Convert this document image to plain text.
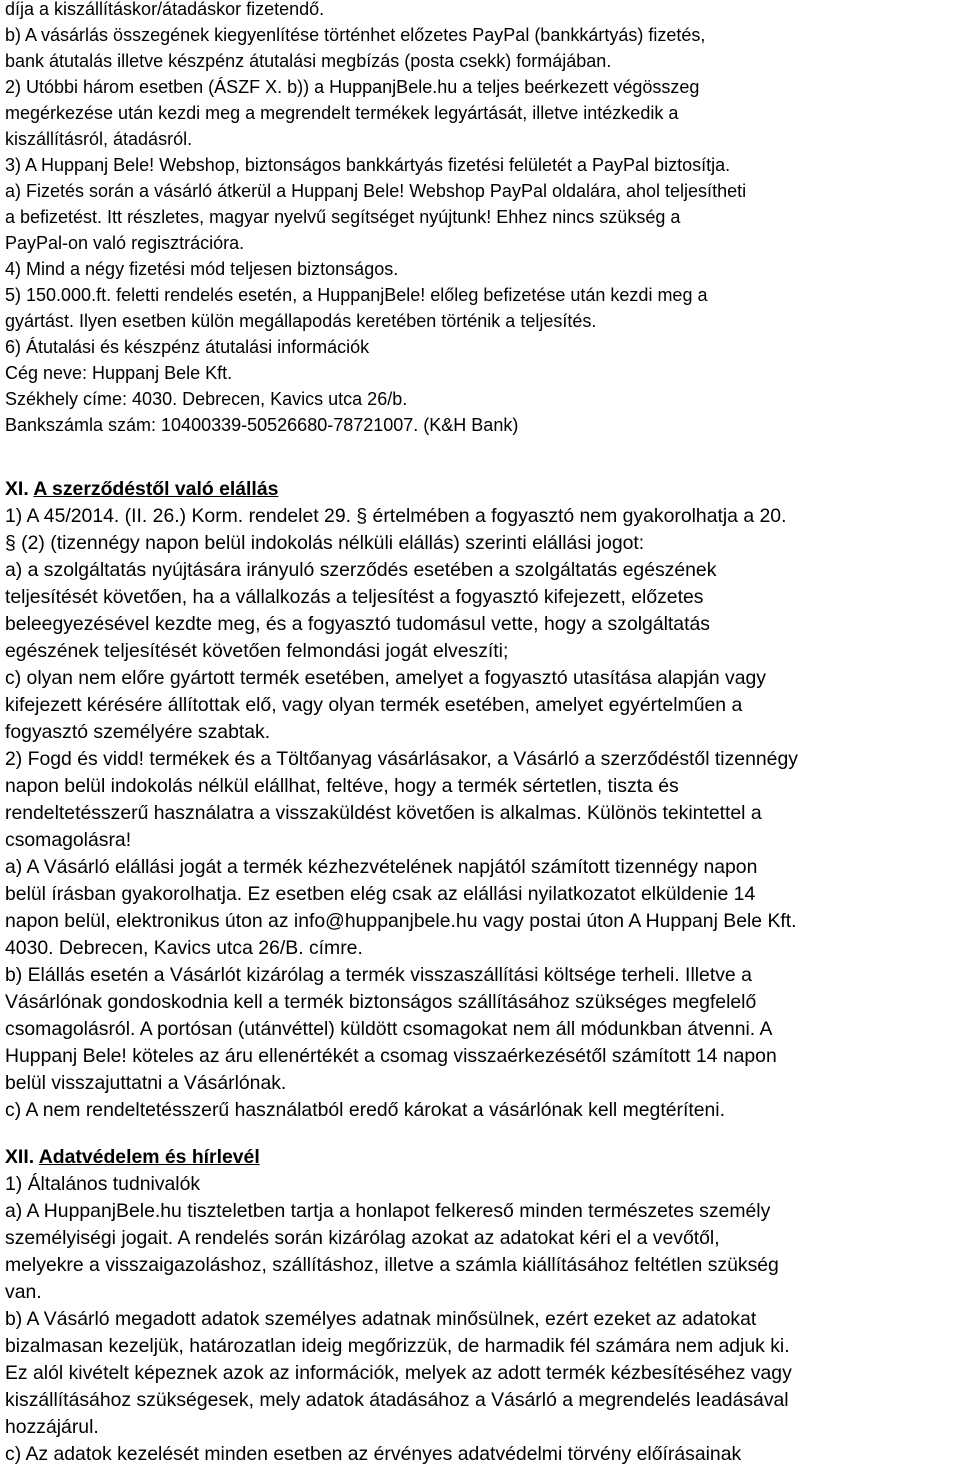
díja a kiszállításkor/átadáskor fizetendő.
b) A vásárlás összegének kiegyenlítése történhet előzetes PayPal (bankkártyás) fizetés,
bank átutalás illetve készpénz átutalási megbízás (posta csekk) formájában.
2) Utóbbi három esetben (ÁSZF X. b)) a HuppanjBele.hu a teljes beérkezett végösszeg
megérkezése után kezdi meg a megrendelt termékek legyártását, illetve intézkedik a
kiszállításról, átadásról.
3) A Huppanj Bele! Webshop, biztonságos bankkártyás fizetési felületét a PayPal biztosítja.
a) Fizetés során a vásárló átkerül a Huppanj Bele! Webshop PayPal oldalára, ahol teljesítheti
a befizetést. Itt részletes, magyar nyelvű segítséget nyújtunk! Ehhez nincs szükség a
PayPal-on való regisztrációra.
4) Mind a négy fizetési mód teljesen biztonságos.
5) 150.000.ft. feletti rendelés esetén, a HuppanjBele! előleg befizetése után kezdi meg a
gyártást. Ilyen esetben külön megállapodás keretében történik a teljesítés.
6) Átutalási és készpénz átutalási információk
Cég neve: Huppanj Bele Kft.
Székhely címe: 4030. Debrecen, Kavics utca 26/b.
Bankszámla szám: 10400339-50526680-78721007. (K&H Bank)
XI. A szerződéstől való elállás
1) A 45/2014. (II. 26.) Korm. rendelet 29. § értelmében a fogyasztó nem gyakorolhatja a 20.
§ (2) (tizennégy napon belül indokolás nélküli elállás) szerinti elállási jogot:
a) a szolgáltatás nyújtására irányuló szerződés esetében a szolgáltatás egészének
teljesítését követően, ha a vállalkozás a teljesítést a fogyasztó kifejezett, előzetes
beleegyezésével kezdte meg, és a fogyasztó tudomásul vette, hogy a szolgáltatás
egészének teljesítését követően felmondási jogát elveszíti;
c) olyan nem előre gyártott termék esetében, amelyet a fogyasztó utasítása alapján vagy
kifejezett kérésére állítottak elő, vagy olyan termék esetében, amelyet egyértelműen a
fogyasztó személyére szabtak.
2) Fogd és vidd! termékek és a Töltőanyag vásárlásakor, a Vásárló a szerződéstől tizennégy
napon belül indokolás nélkül elállhat, feltéve, hogy a termék sértetlen, tiszta és
rendeltetésszerű használatra a visszaküldést követően is alkalmas. Különös tekintettel a
csomagolásra!
a) A Vásárló elállási jogát a termék kézhezvételének napjától számított tizennégy napon
belül írásban gyakorolhatja. Ez esetben elég csak az elállási nyilatkozatot elküldenie 14
napon belül, elektronikus úton az info@huppanjbele.hu vagy postai úton A Huppanj Bele Kft.
4030. Debrecen, Kavics utca 26/B. címre.
b) Elállás esetén a Vásárlót kizárólag a termék visszaszállítási költsége terheli. Illetve a
Vásárlónak gondoskodnia kell a termék biztonságos szállításához szükséges megfelelő
csomagolásról. A portósan (utánvéttel) küldött csomagokat nem áll módunkban átvenni. A
Huppanj Bele! köteles az áru ellenértékét a csomag visszaérkezésétől számított 14 napon
belül visszajuttatni a Vásárlónak.
c) A nem rendeltetésszerű használatból eredő károkat a vásárlónak kell megtéríteni.
XII. Adatvédelem és hírlevél
1) Általános tudnivalók
a) A HuppanjBele.hu tiszteletben tartja a honlapot felkereső minden természetes személy
személyiségi jogait. A rendelés során kizárólag azokat az adatokat kéri el a vevőtől,
melyekre a visszaigazoláshoz, szállításhoz, illetve a számla kiállításához feltétlen szükség
van.
b) A Vásárló megadott adatok személyes adatnak minősülnek, ezért ezeket az adatokat
bizalmasan kezeljük, határozatlan ideig megőrizzük, de harmadik fél számára nem adjuk ki.
Ez alól kivételt képeznek azok az információk, melyek az adott termék kézbesítéséhez vagy
kiszállításához szükségesek, mely adatok átadásához a Vásárló a megrendelés leadásával
hozzájárul.
c) Az adatok kezelését minden esetben az érvényes adatvédelmi törvény előírásainak
